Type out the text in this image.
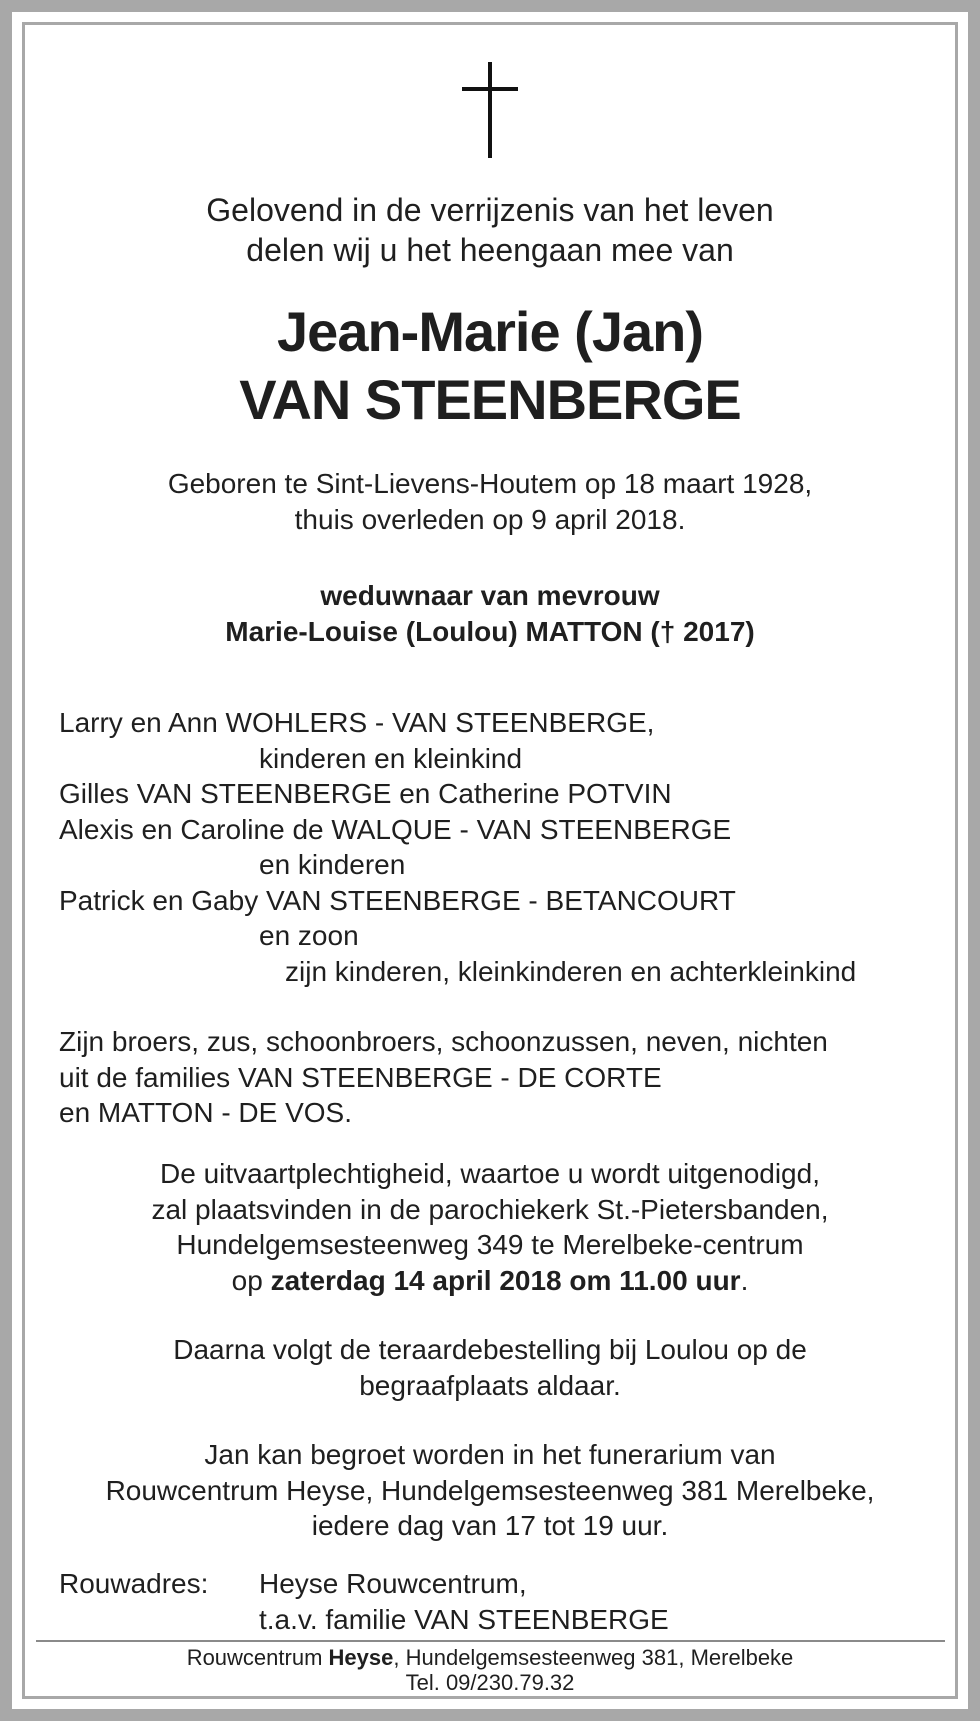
Gelovend in de verrijzenis van het leven
delen wij u het heengaan mee van
Jean-Marie (Jan)
VAN STEENBERGE
Geboren te Sint-Lievens-Houtem op 18 maart 1928,
thuis overleden op 9 april 2018.
weduwnaar van mevrouw
Marie-Louise (Loulou) MATTON († 2017)
Larry en Ann WOHLERS - VAN STEENBERGE,
kinderen en kleinkind
Gilles VAN STEENBERGE en Catherine POTVIN
Alexis en Caroline de WALQUE - VAN STEENBERGE
en kinderen
Patrick en Gaby VAN STEENBERGE - BETANCOURT
en zoon
zijn kinderen, kleinkinderen en achterkleinkind
Zijn broers, zus, schoonbroers, schoonzussen, neven, nichten
uit de families VAN STEENBERGE - DE CORTE
en MATTON - DE VOS.
De uitvaartplechtigheid, waartoe u wordt uitgenodigd,
zal plaatsvinden in de parochiekerk St.-Pietersbanden,
Hundelgemsesteenweg 349 te Merelbeke-centrum
op zaterdag 14 april 2018 om 11.00 uur.
Daarna volgt de teraardebestelling bij Loulou op de
begraafplaats aldaar.
Jan kan begroet worden in het funerarium van
Rouwcentrum Heyse, Hundelgemsesteenweg 381 Merelbeke,
iedere dag van 17 tot 19 uur.
Rouwadres: Heyse Rouwcentrum,
t.a.v. familie VAN STEENBERGE
Rouwcentrum Heyse, Hundelgemsesteenweg 381, Merelbeke
Tel. 09/230.79.32
